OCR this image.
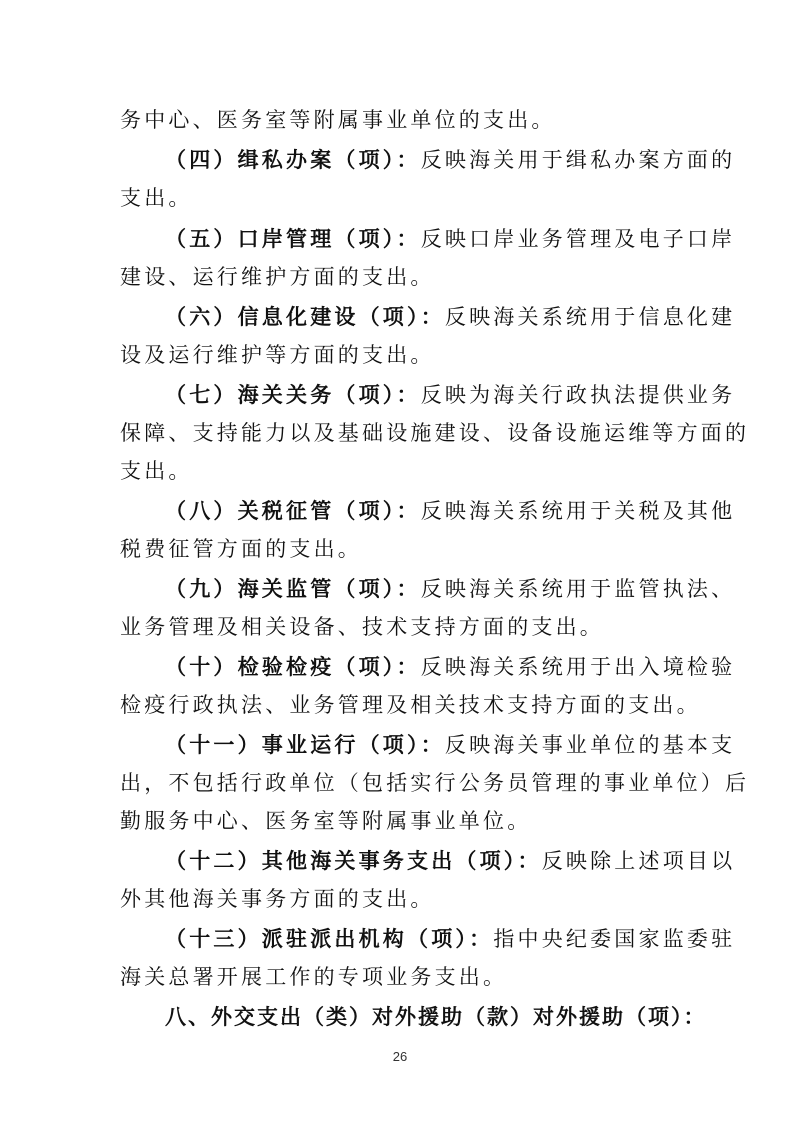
务中心、医务室等附属事业单位的支出。
（四）缉私办案（项）：反映海关用于缉私办案方面的
支出。
（五）口岸管理（项）：反映口岸业务管理及电子口岸
建设、运行维护方面的支出。
（六）信息化建设（项）：反映海关系统用于信息化建
设及运行维护等方面的支出。
（七）海关关务（项）：反映为海关行政执法提供业务
保障、支持能力以及基础设施建设、设备设施运维等方面的
支出。
（八）关税征管（项）：反映海关系统用于关税及其他
税费征管方面的支出。
（九）海关监管（项）：反映海关系统用于监管执法、
业务管理及相关设备、技术支持方面的支出。
（十）检验检疫（项）：反映海关系统用于出入境检验
检疫行政执法、业务管理及相关技术支持方面的支出。
（十一）事业运行（项）：反映海关事业单位的基本支
出，不包括行政单位（包括实行公务员管理的事业单位）后
勤服务中心、医务室等附属事业单位。
（十二）其他海关事务支出（项）：反映除上述项目以
外其他海关事务方面的支出。
（十三）派驻派出机构（项）：指中央纪委国家监委驻
海关总署开展工作的专项业务支出。
八、外交支出（类）对外援助（款）对外援助（项）：
26
